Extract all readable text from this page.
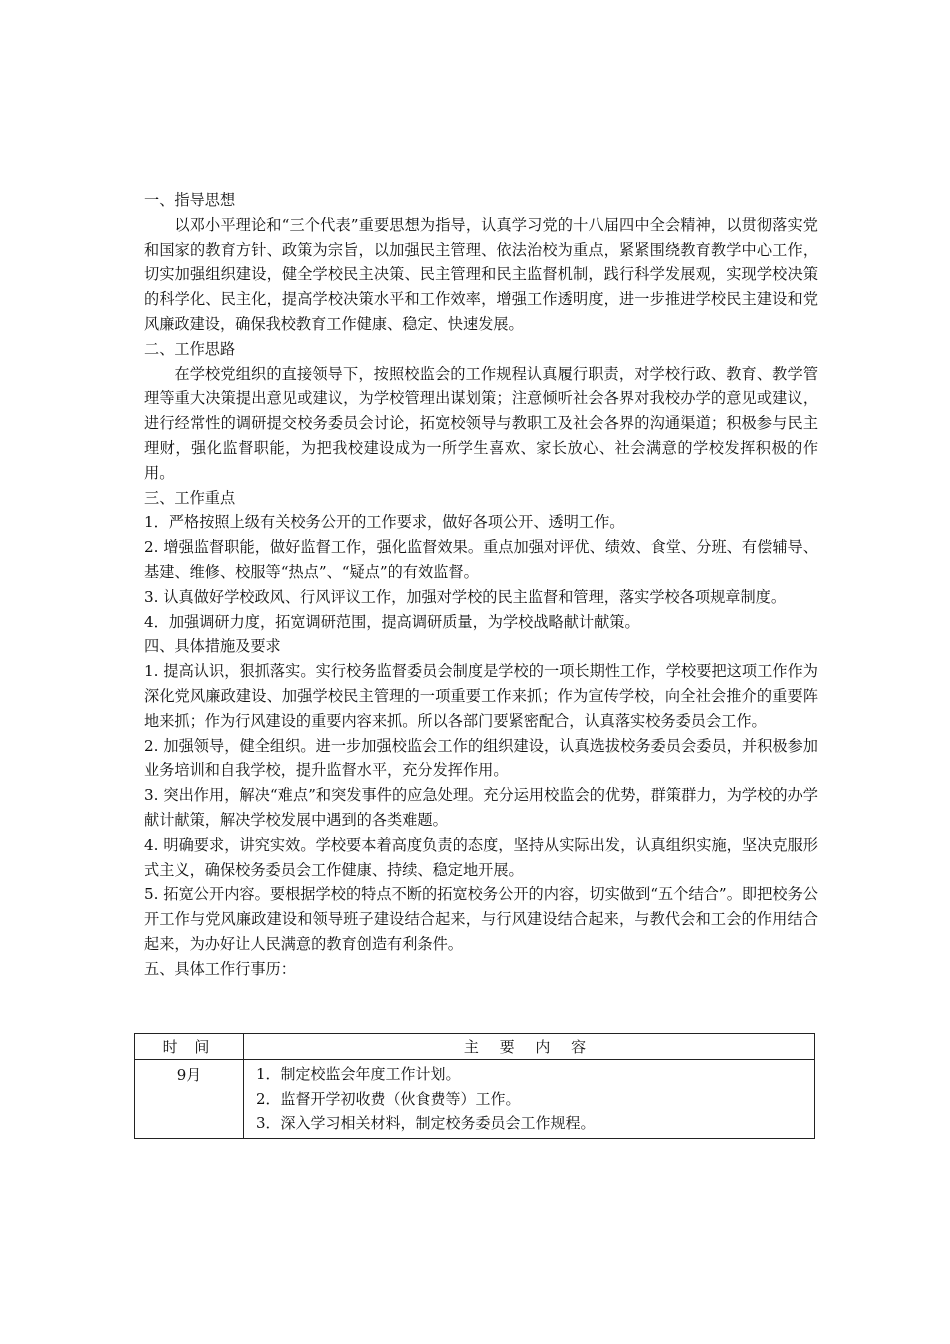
一、指导思想

以邓小平理论和“三个代表”重要思想为指导，认真学习党的十八届四中全会精神，以贯彻落实党和国家的教育方针、政策为宗旨，以加强民主管理、依法治校为重点，紧紧围绕教育教学中心工作，切实加强组织建设，健全学校民主决策、民主管理和民主监督机制，践行科学发展观，实现学校决策的科学化、民主化，提高学校决策水平和工作效率，增强工作透明度，进一步推进学校民主建设和党风廉政建设，确保我校教育工作健康、稳定、快速发展。

二、工作思路

在学校党组织的直接领导下，按照校监会的工作规程认真履行职责，对学校行政、教育、教学管理等重大决策提出意见或建议，为学校管理出谋划策；注意倾听社会各界对我校办学的意见或建议，进行经常性的调研提交校务委员会讨论，拓宽校领导与教职工及社会各界的沟通渠道；积极参与民主理财，强化监督职能，为把我校建设成为一所学生喜欢、家长放心、社会满意的学校发挥积极的作用。

三、工作重点

1．严格按照上级有关校务公开的工作要求，做好各项公开、透明工作。

2. 增强监督职能，做好监督工作，强化监督效果。重点加强对评优、绩效、食堂、分班、有偿辅导、基建、维修、校服等“热点”、“疑点”的有效监督。

3. 认真做好学校政风、行风评议工作，加强对学校的民主监督和管理，落实学校各项规章制度。

4．加强调研力度，拓宽调研范围，提高调研质量，为学校战略献计献策。

四、具体措施及要求

1. 提高认识，狠抓落实。实行校务监督委员会制度是学校的一项长期性工作，学校要把这项工作作为深化党风廉政建设、加强学校民主管理的一项重要工作来抓；作为宣传学校，向全社会推介的重要阵地来抓；作为行风建设的重要内容来抓。所以各部门要紧密配合，认真落实校务委员会工作。

2. 加强领导，健全组织。进一步加强校监会工作的组织建设，认真选拔校务委员会委员，并积极参加业务培训和自我学校，提升监督水平，充分发挥作用。

3. 突出作用，解决“难点”和突发事件的应急处理。充分运用校监会的优势，群策群力，为学校的办学献计献策，解决学校发展中遇到的各类难题。

4. 明确要求，讲究实效。学校要本着高度负责的态度，坚持从实际出发，认真组织实施，坚决克服形式主义，确保校务委员会工作健康、持续、稳定地开展。

5. 拓宽公开内容。要根据学校的特点不断的拓宽校务公开的内容，切实做到“五个结合”。即把校务公开工作与党风廉政建设和领导班子建设结合起来，与行风建设结合起来，与教代会和工会的作用结合起来，为办好让人民满意的教育创造有利条件。

五、具体工作行事历：
时 间	主 要 内 容
9月	1．制定校监会年度工作计划。
2．监督开学初收费（伙食费等）工作。
3．深入学习相关材料，制定校务委员会工作规程。
